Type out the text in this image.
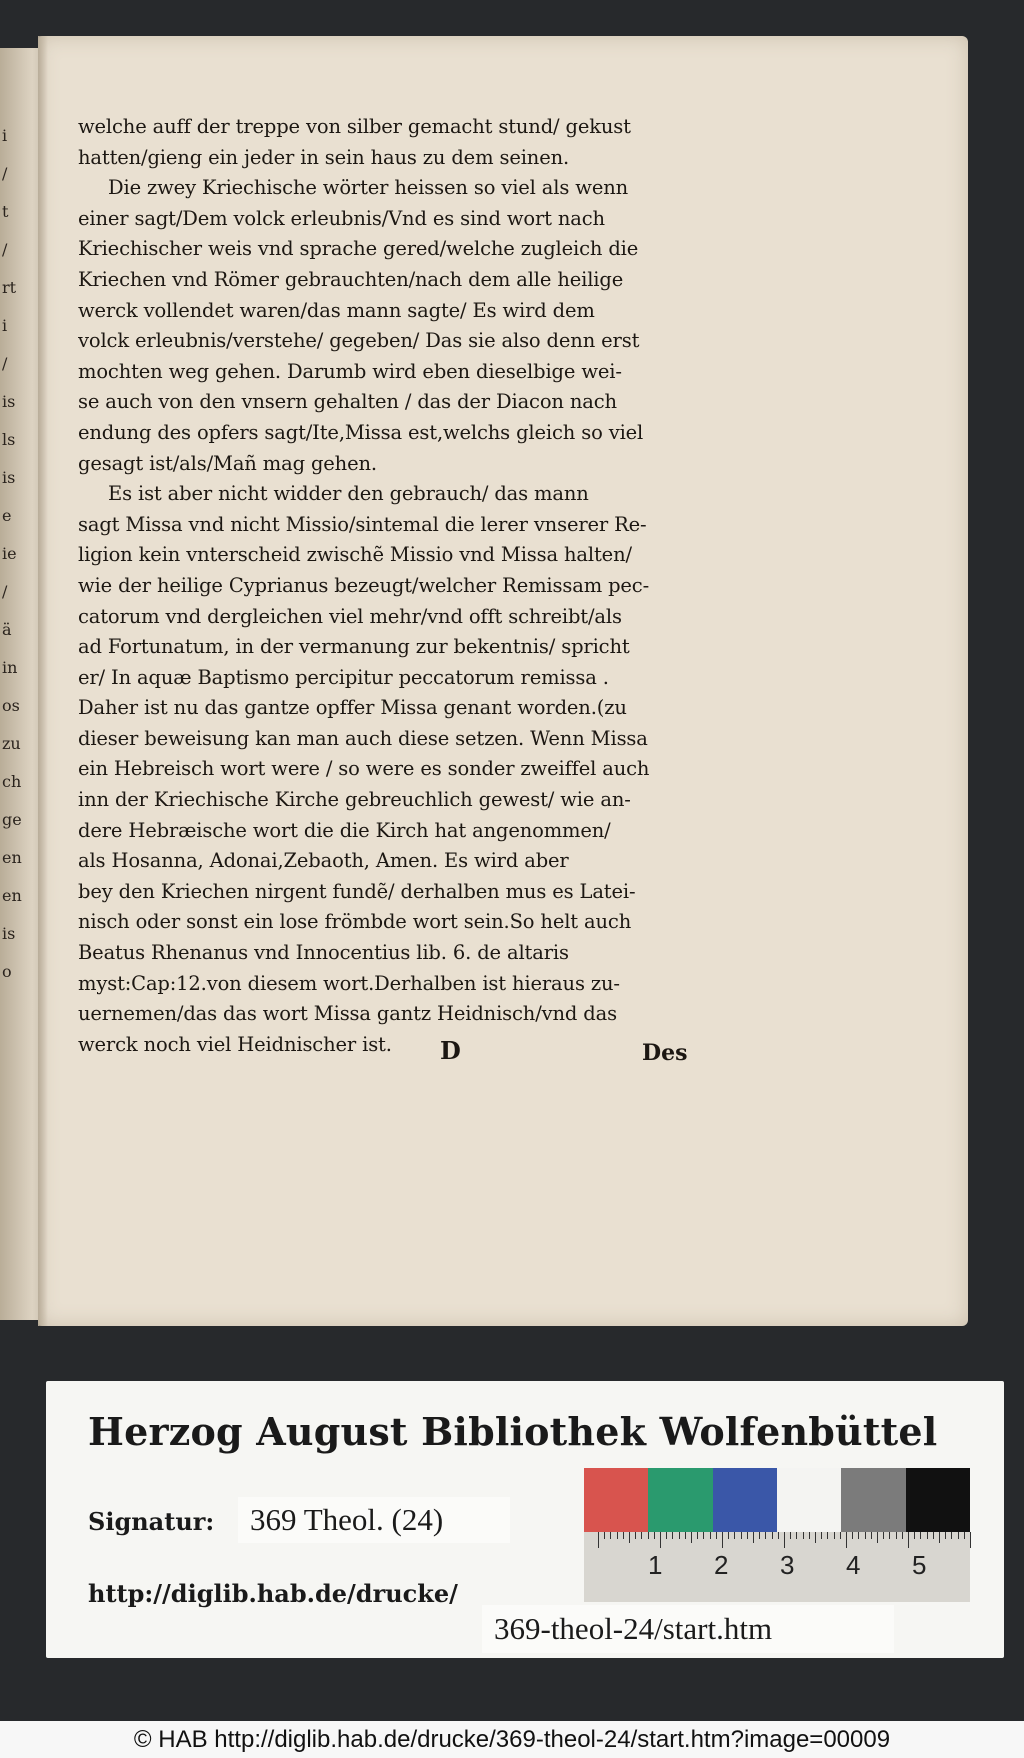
i
/
t
/
rt
i
/
is
ls
is
e
ie
/
ä
in
os
zu
ch
ge
en
en
is
o
welche auff der treppe von silber gemacht stund/ gekust
hatten/gieng ein jeder in sein haus zu dem seinen.
Die zwey Kriechische wörter heissen so viel als wenn
einer sagt/Dem volck erleubnis/Vnd es sind wort nach
Kriechischer weis vnd sprache gered/welche zugleich die
Kriechen vnd Römer gebrauchten/nach dem alle heilige
werck vollendet waren/das mann sagte/ Es wird dem
volck erleubnis/verstehe/ gegeben/ Das sie also denn erst
mochten weg gehen. Darumb wird eben dieselbige wei-
se auch von den vnsern gehalten / das der Diacon nach
endung des opfers sagt/Ite,Missa est,welchs gleich so viel
gesagt ist/als/Mañ mag gehen.
Es ist aber nicht widder den gebrauch/ das mann
sagt Missa vnd nicht Missio/sintemal die lerer vnserer Re-
ligion kein vnterscheid zwischẽ Missio vnd Missa halten/
wie der heilige Cyprianus bezeugt/welcher Remissam pec-
catorum vnd dergleichen viel mehr/vnd offt schreibt/als
ad Fortunatum, in der vermanung zur bekentnis/ spricht
er/ In aquæ Baptismo percipitur peccatorum remissa .
Daher ist nu das gantze opffer Missa genant worden.(zu
dieser beweisung kan man auch diese setzen. Wenn Missa
ein Hebreisch wort were / so were es sonder zweiffel auch
inn der Kriechische Kirche gebreuchlich gewest/ wie an-
dere Hebræische wort die die Kirch hat angenommen/
als Hosanna, Adonai,Zebaoth, Amen. Es wird aber
bey den Kriechen nirgent fundẽ/ derhalben mus es Latei-
nisch oder sonst ein lose frömbde wort sein.So helt auch
Beatus Rhenanus vnd Innocentius lib. 6. de altaris
myst:Cap:12.von diesem wort.Derhalben ist hieraus zu-
uernemen/das das wort Missa gantz Heidnisch/vnd das
werck noch viel Heidnischer ist.	D	Des
Herzog August Bibliothek Wolfenbüttel
Signatur:	369 Theol. (24)
http://diglib.hab.de/drucke/
369-theol-24/start.htm
1 2 3 4 5
© HAB http://diglib.hab.de/drucke/369-theol-24/start.htm?image=00009
